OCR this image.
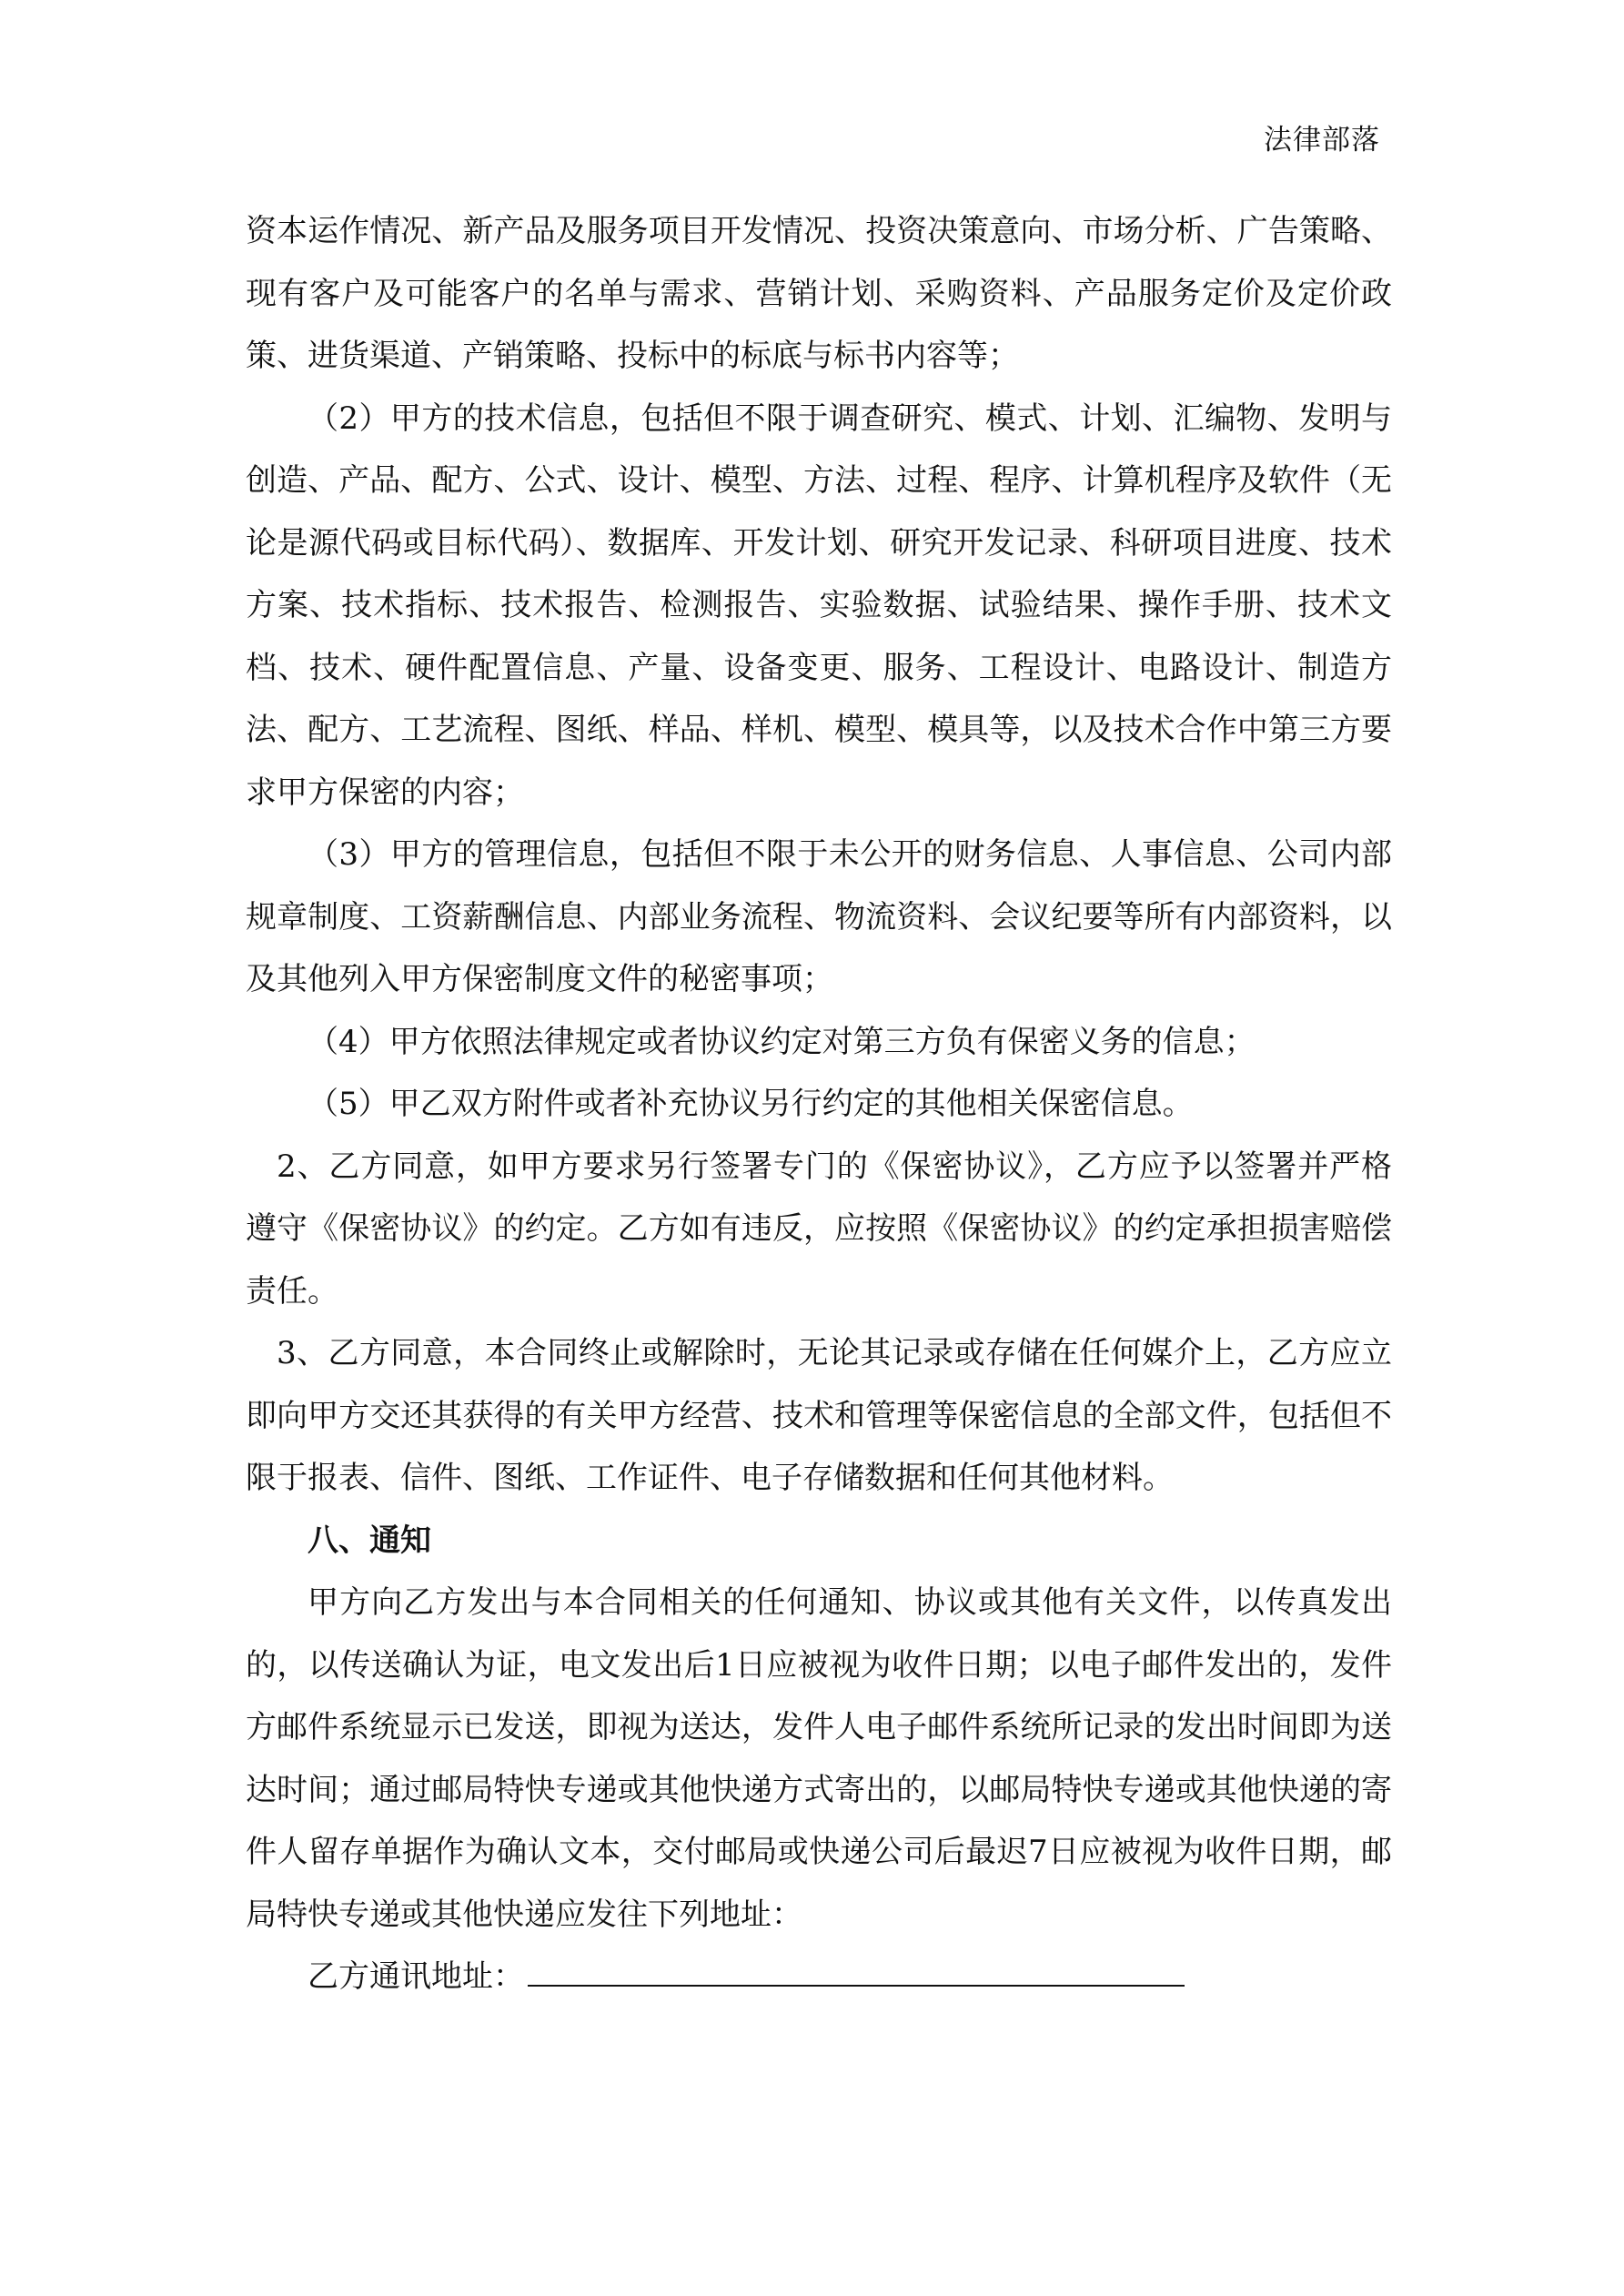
法律部落

资本运作情况、新产品及服务项目开发情况、投资决策意向、市场分析、广告策略、现有客户及可能客户的名单与需求、营销计划、采购资料、产品服务定价及定价政策、进货渠道、产销策略、投标中的标底与标书内容等；

（2）甲方的技术信息，包括但不限于调查研究、模式、计划、汇编物、发明与创造、产品、配方、公式、设计、模型、方法、过程、程序、计算机程序及软件（无论是源代码或目标代码）、数据库、开发计划、研究开发记录、科研项目进度、技术方案、技术指标、技术报告、检测报告、实验数据、试验结果、操作手册、技术文档、技术、硬件配置信息、产量、设备变更、服务、工程设计、电路设计、制造方法、配方、工艺流程、图纸、样品、样机、模型、模具等，以及技术合作中第三方要求甲方保密的内容；

（3）甲方的管理信息，包括但不限于未公开的财务信息、人事信息、公司内部规章制度、工资薪酬信息、内部业务流程、物流资料、会议纪要等所有内部资料，以及其他列入甲方保密制度文件的秘密事项；

（4）甲方依照法律规定或者协议约定对第三方负有保密义务的信息；

（5）甲乙双方附件或者补充协议另行约定的其他相关保密信息。

2、乙方同意，如甲方要求另行签署专门的《保密协议》，乙方应予以签署并严格遵守《保密协议》的约定。乙方如有违反，应按照《保密协议》的约定承担损害赔偿责任。

3、乙方同意，本合同终止或解除时，无论其记录或存储在任何媒介上，乙方应立即向甲方交还其获得的有关甲方经营、技术和管理等保密信息的全部文件，包括但不限于报表、信件、图纸、工作证件、电子存储数据和任何其他材料。

八、通知

甲方向乙方发出与本合同相关的任何通知、协议或其他有关文件，以传真发出的，以传送确认为证，电文发出后1日应被视为收件日期；以电子邮件发出的，发件方邮件系统显示已发送，即视为送达，发件人电子邮件系统所记录的发出时间即为送达时间；通过邮局特快专递或其他快递方式寄出的，以邮局特快专递或其他快递的寄件人留存单据作为确认文本，交付邮局或快递公司后最迟7日应被视为收件日期，邮局特快专递或其他快递应发往下列地址：

乙方通讯地址：
